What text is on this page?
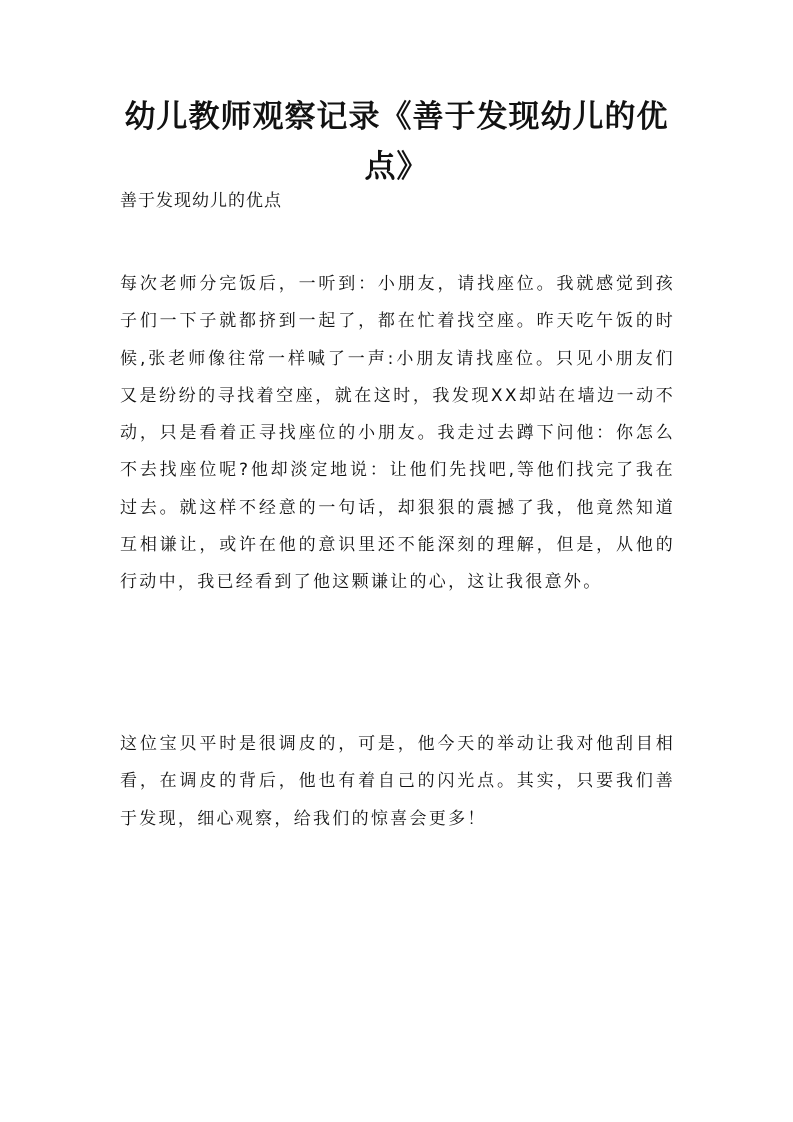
幼儿教师观察记录《善于发现幼儿的优点》

善于发现幼儿的优点

每次老师分完饭后，一听到：小朋友，请找座位。我就感觉到孩子们一下子就都挤到一起了，都在忙着找空座。昨天吃午饭的时候,张老师像往常一样喊了一声:小朋友请找座位。只见小朋友们又是纷纷的寻找着空座，就在这时，我发现XX却站在墙边一动不动，只是看着正寻找座位的小朋友。我走过去蹲下问他：你怎么不去找座位呢?他却淡定地说：让他们先找吧,等他们找完了我在过去。就这样不经意的一句话，却狠狠的震撼了我，他竟然知道互相谦让，或许在他的意识里还不能深刻的理解，但是，从他的行动中，我已经看到了他这颗谦让的心，这让我很意外。

这位宝贝平时是很调皮的，可是，他今天的举动让我对他刮目相看，在调皮的背后，他也有着自己的闪光点。其实，只要我们善于发现，细心观察，给我们的惊喜会更多！
